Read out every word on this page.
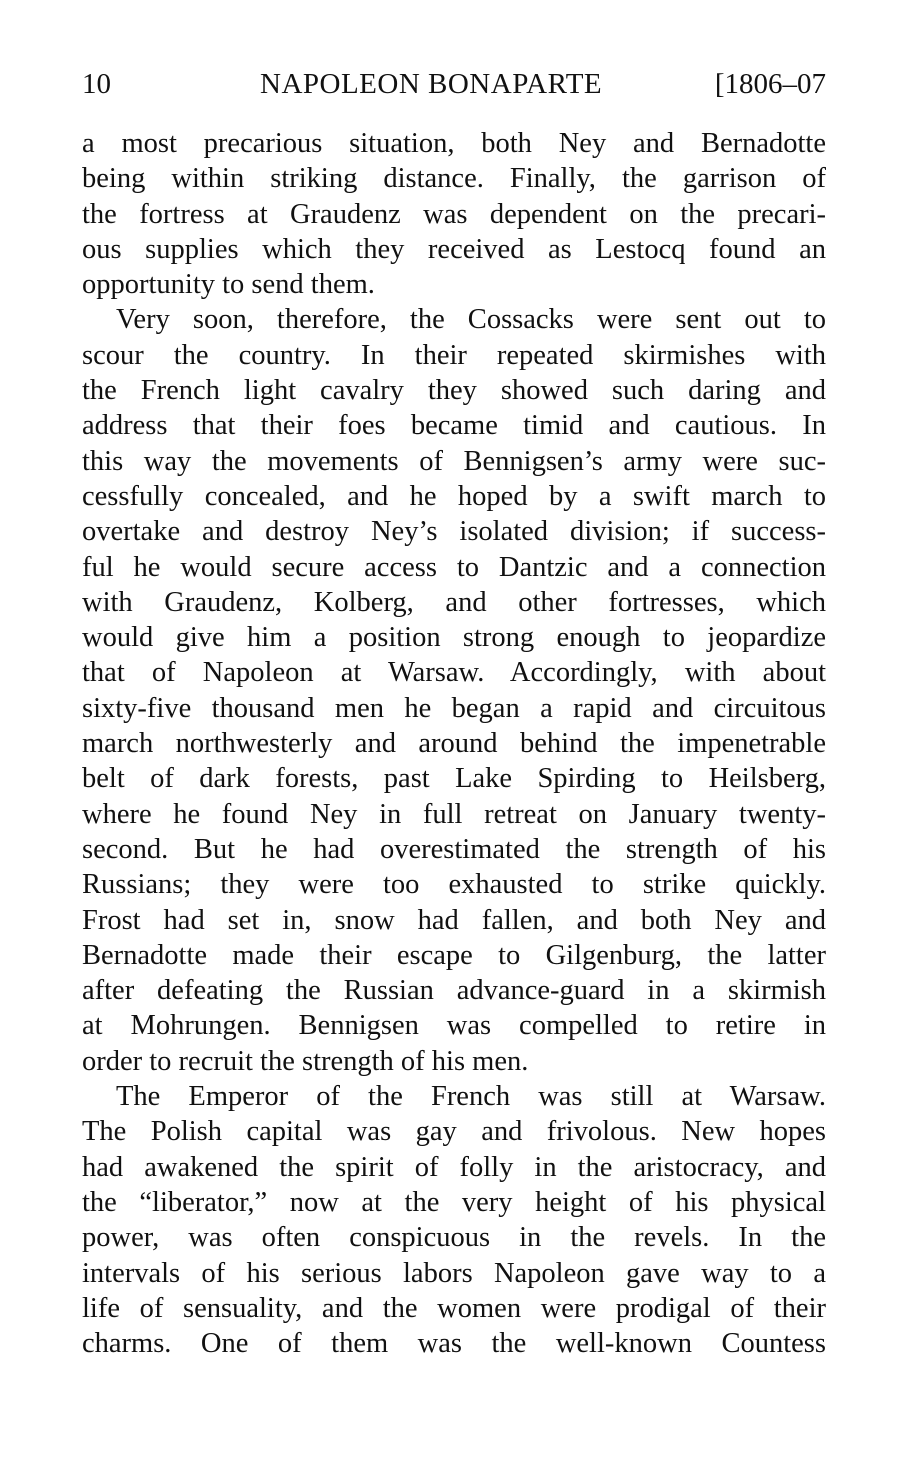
10	NAPOLEON BONAPARTE	[1806–07
a most precarious situation, both Ney and Bernadotte
being within striking distance. Finally, the garrison of
the fortress at Graudenz was dependent on the precari-
ous supplies which they received as Lestocq found an
opportunity to send them.
Very soon, therefore, the Cossacks were sent out to
scour the country. In their repeated skirmishes with
the French light cavalry they showed such daring and
address that their foes became timid and cautious. In
this way the movements of Bennigsen’s army were suc-
cessfully concealed, and he hoped by a swift march to
overtake and destroy Ney’s isolated division; if success-
ful he would secure access to Dantzic and a connection
with Graudenz, Kolberg, and other fortresses, which
would give him a position strong enough to jeopardize
that of Napoleon at Warsaw. Accordingly, with about
sixty-five thousand men he began a rapid and circuitous
march northwesterly and around behind the impenetrable
belt of dark forests, past Lake Spirding to Heilsberg,
where he found Ney in full retreat on January twenty-
second. But he had overestimated the strength of his
Russians; they were too exhausted to strike quickly.
Frost had set in, snow had fallen, and both Ney and
Bernadotte made their escape to Gilgenburg, the latter
after defeating the Russian advance-guard in a skirmish
at Mohrungen. Bennigsen was compelled to retire in
order to recruit the strength of his men.
The Emperor of the French was still at Warsaw.
The Polish capital was gay and frivolous. New hopes
had awakened the spirit of folly in the aristocracy, and
the “liberator,” now at the very height of his physical
power, was often conspicuous in the revels. In the
intervals of his serious labors Napoleon gave way to a
life of sensuality, and the women were prodigal of their
charms. One of them was the well-known Countess
